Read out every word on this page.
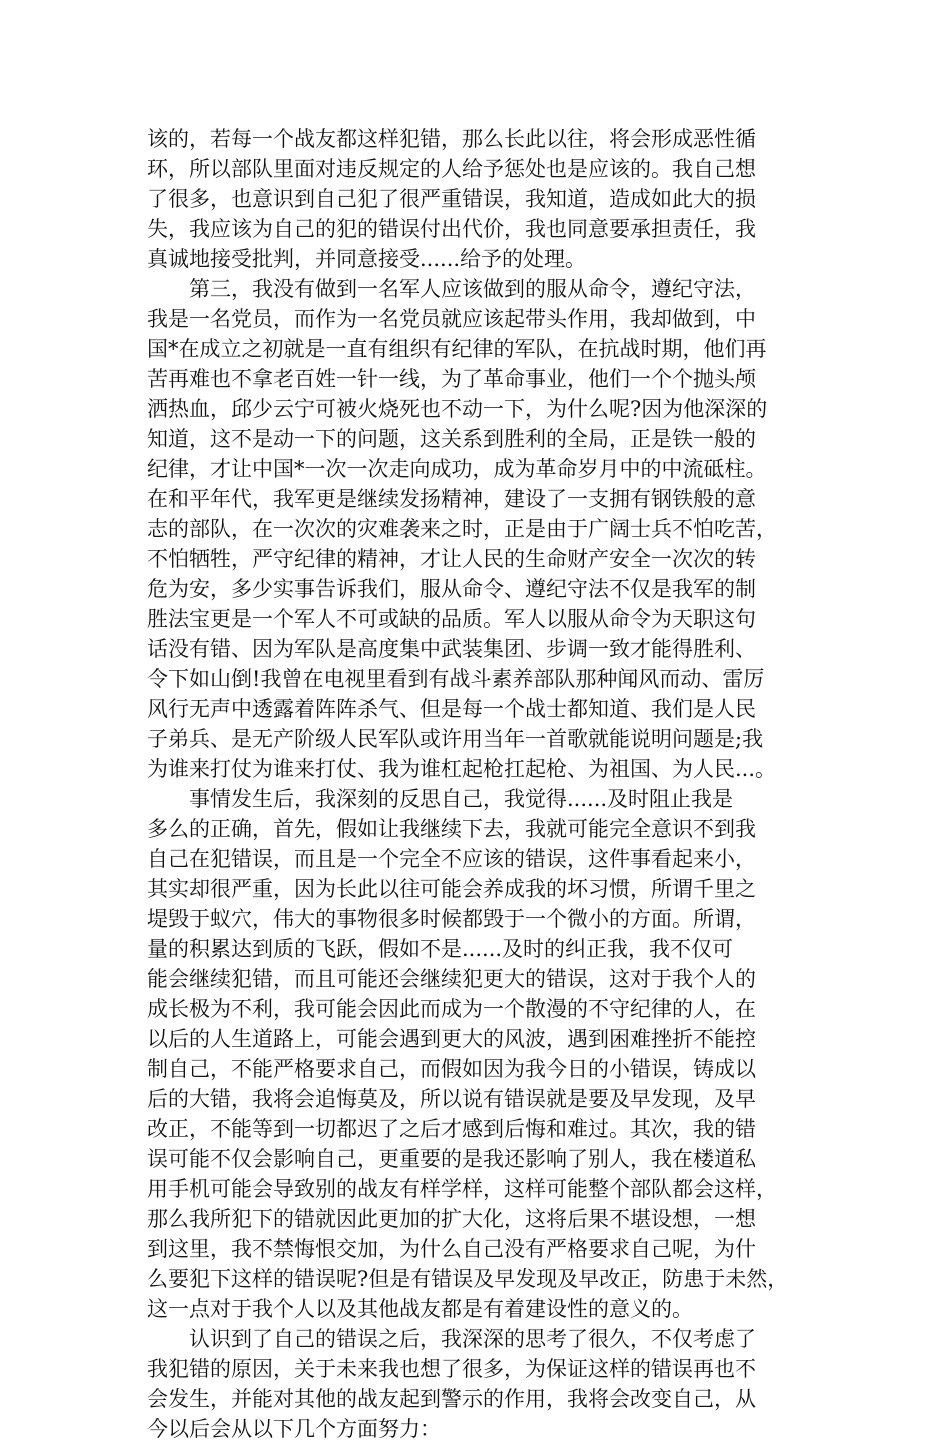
该的，若每一个战友都这样犯错，那么长此以往，将会形成恶性循
环，所以部队里面对违反规定的人给予惩处也是应该的。我自己想
了很多，也意识到自己犯了很严重错误，我知道，造成如此大的损
失，我应该为自己的犯的错误付出代价，我也同意要承担责任，我
真诚地接受批判，并同意接受......给予的处理。
第三，我没有做到一名军人应该做到的服从命令，遵纪守法，
我是一名党员，而作为一名党员就应该起带头作用，我却做到，中
国*在成立之初就是一直有组织有纪律的军队，在抗战时期，他们再
苦再难也不拿老百姓一针一线，为了革命事业，他们一个个抛头颅
洒热血，邱少云宁可被火烧死也不动一下，为什么呢?因为他深深的
知道，这不是动一下的问题，这关系到胜利的全局，正是铁一般的
纪律，才让中国*一次一次走向成功，成为革命岁月中的中流砥柱。
在和平年代，我军更是继续发扬精神，建设了一支拥有钢铁般的意
志的部队，在一次次的灾难袭来之时，正是由于广阔士兵不怕吃苦，
不怕牺牲，严守纪律的精神，才让人民的生命财产安全一次次的转
危为安，多少实事告诉我们，服从命令、遵纪守法不仅是我军的制
胜法宝更是一个军人不可或缺的品质。军人以服从命令为天职这句
话没有错、因为军队是高度集中武装集团、步调一致才能得胜利、
令下如山倒!我曾在电视里看到有战斗素养部队那种闻风而动、雷厉
风行无声中透露着阵阵杀气、但是每一个战士都知道、我们是人民
子弟兵、是无产阶级人民军队或许用当年一首歌就能说明问题是;我
为谁来打仗为谁来打仗、我为谁杠起枪扛起枪、为祖国、为人民...。
事情发生后，我深刻的反思自己，我觉得......及时阻止我是
多么的正确，首先，假如让我继续下去，我就可能完全意识不到我
自己在犯错误，而且是一个完全不应该的错误，这件事看起来小，
其实却很严重，因为长此以往可能会养成我的坏习惯，所谓千里之
堤毁于蚁穴，伟大的事物很多时候都毁于一个微小的方面。所谓，
量的积累达到质的飞跃，假如不是......及时的纠正我，我不仅可
能会继续犯错，而且可能还会继续犯更大的错误，这对于我个人的
成长极为不利，我可能会因此而成为一个散漫的不守纪律的人，在
以后的人生道路上，可能会遇到更大的风波，遇到困难挫折不能控
制自己，不能严格要求自己，而假如因为我今日的小错误，铸成以
后的大错，我将会追悔莫及，所以说有错误就是要及早发现，及早
改正，不能等到一切都迟了之后才感到后悔和难过。其次，我的错
误可能不仅会影响自己，更重要的是我还影响了别人，我在楼道私
用手机可能会导致别的战友有样学样，这样可能整个部队都会这样，
那么我所犯下的错就因此更加的扩大化，这将后果不堪设想，一想
到这里，我不禁悔恨交加，为什么自己没有严格要求自己呢，为什
么要犯下这样的错误呢?但是有错误及早发现及早改正，防患于未然，
这一点对于我个人以及其他战友都是有着建设性的意义的。
认识到了自己的错误之后，我深深的思考了很久，不仅考虑了
我犯错的原因，关于未来我也想了很多，为保证这样的错误再也不
会发生，并能对其他的战友起到警示的作用，我将会改变自己，从
今以后会从以下几个方面努力：
